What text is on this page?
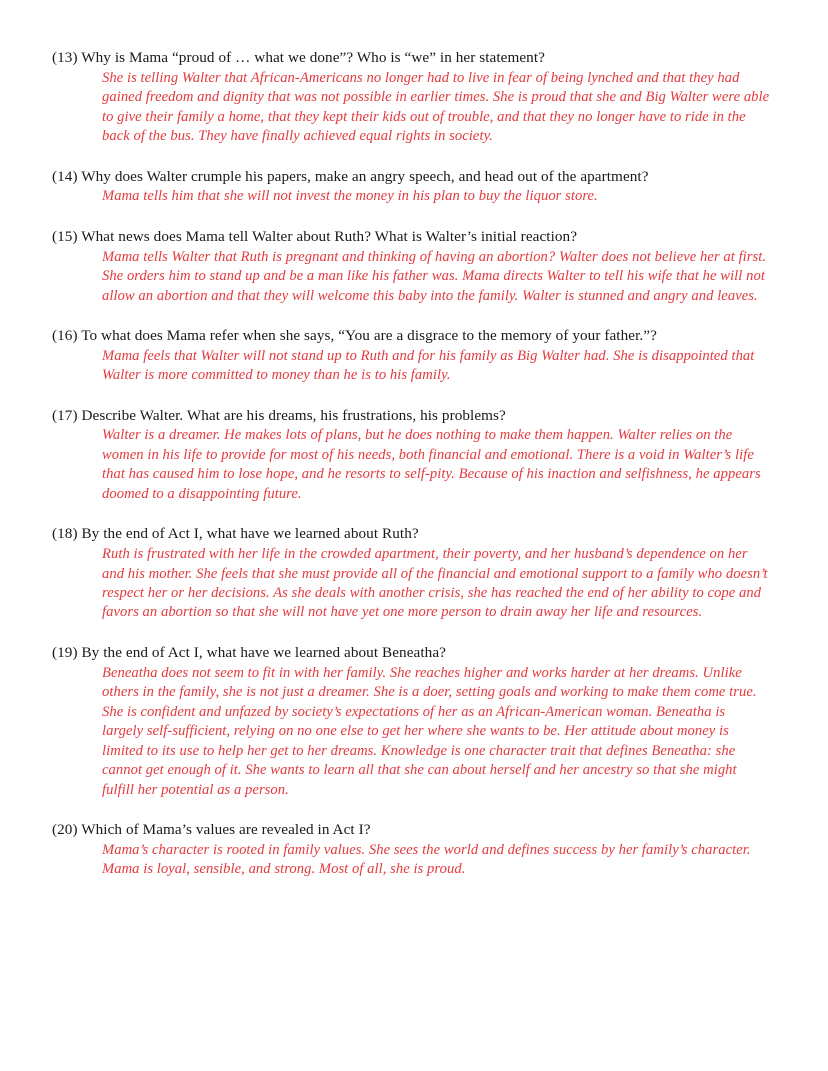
(13) Why is Mama “proud of … what we done”? Who is “we” in her statement?

She is telling Walter that African-Americans no longer had to live in fear of being lynched and that they had gained freedom and dignity that was not possible in earlier times. She is proud that she and Big Walter were able to give their family a home, that they kept their kids out of trouble, and that they no longer have to ride in the back of the bus. They have finally achieved equal rights in society.

(14) Why does Walter crumple his papers, make an angry speech, and head out of the apartment?

Mama tells him that she will not invest the money in his plan to buy the liquor store.

(15) What news does Mama tell Walter about Ruth? What is Walter’s initial reaction?

Mama tells Walter that Ruth is pregnant and thinking of having an abortion? Walter does not believe her at first. She orders him to stand up and be a man like his father was. Mama directs Walter to tell his wife that he will not allow an abortion and that they will welcome this baby into the family. Walter is stunned and angry and leaves.

(16) To what does Mama refer when she says, “You are a disgrace to the memory of your father.”?

Mama feels that Walter will not stand up to Ruth and for his family as Big Walter had. She is disappointed that Walter is more committed to money than he is to his family.

(17) Describe Walter. What are his dreams, his frustrations, his problems?

Walter is a dreamer. He makes lots of plans, but he does nothing to make them happen. Walter relies on the women in his life to provide for most of his needs, both financial and emotional. There is a void in Walter’s life that has caused him to lose hope, and he resorts to self-pity. Because of his inaction and selfishness, he appears doomed to a disappointing future.

(18) By the end of Act I, what have we learned about Ruth?

Ruth is frustrated with her life in the crowded apartment, their poverty, and her husband’s dependence on her and his mother. She feels that she must provide all of the financial and emotional support to a family who doesn’t respect her or her decisions. As she deals with another crisis, she has reached the end of her ability to cope and favors an abortion so that she will not have yet one more person to drain away her life and resources.

(19) By the end of Act I, what have we learned about Beneatha?

Beneatha does not seem to fit in with her family. She reaches higher and works harder at her dreams. Unlike others in the family, she is not just a dreamer. She is a doer, setting goals and working to make them come true. She is confident and unfazed by society’s expectations of her as an African-American woman. Beneatha is largely self-sufficient, relying on no one else to get her where she wants to be. Her attitude about money is limited to its use to help her get to her dreams. Knowledge is one character trait that defines Beneatha: she cannot get enough of it. She wants to learn all that she can about herself and her ancestry so that she might fulfill her potential as a person.

(20) Which of Mama’s values are revealed in Act I?

Mama’s character is rooted in family values. She sees the world and defines success by her family’s character. Mama is loyal, sensible, and strong. Most of all, she is proud.
